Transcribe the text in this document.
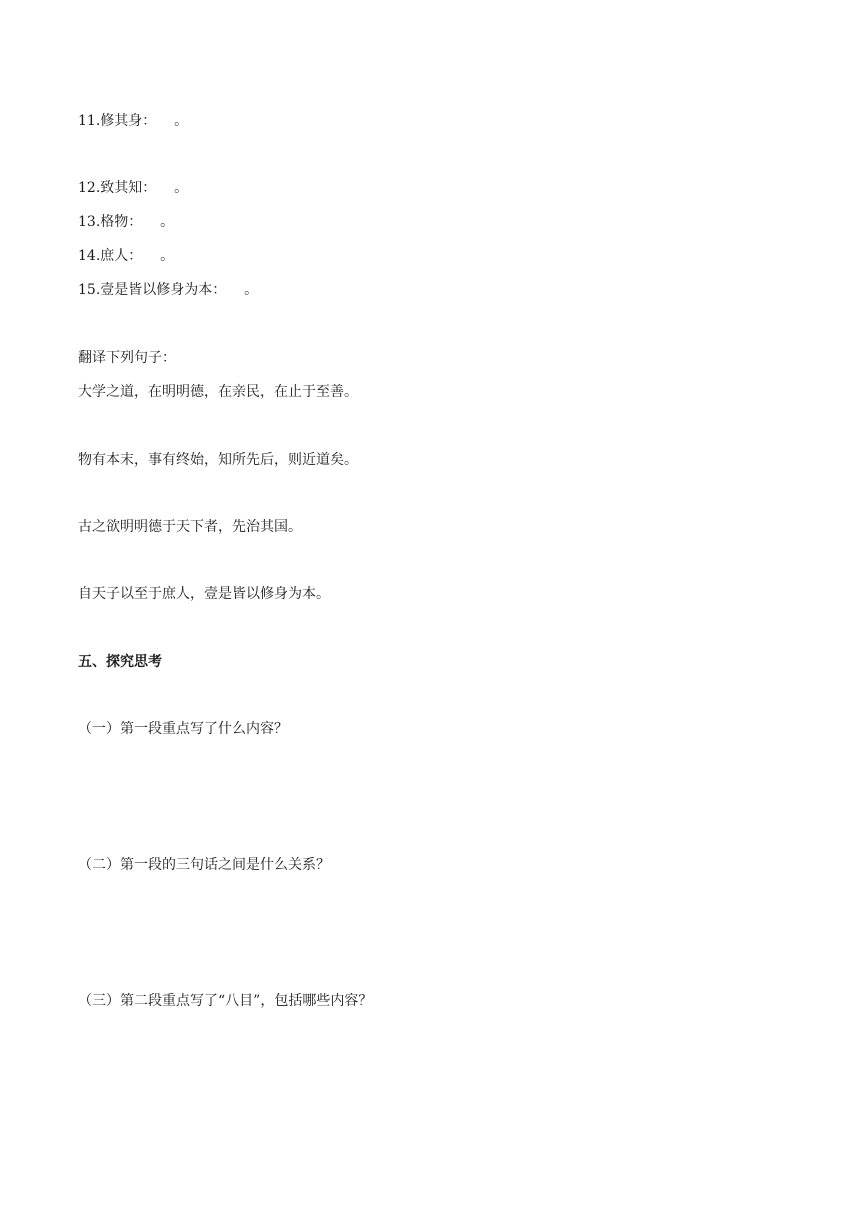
11.修其身：    。
12.致其知：    。
13.格物：    。
14.庶人：    。
15.壹是皆以修身为本：    。
翻译下列句子：
大学之道，在明明德，在亲民，在止于至善。
物有本末，事有终始，知所先后，则近道矣。
古之欲明明德于天下者，先治其国。
自天子以至于庶人，壹是皆以修身为本。
五、探究思考
（一）第一段重点写了什么内容？
（二）第一段的三句话之间是什么关系？
（三）第二段重点写了“八目”，包括哪些内容？
